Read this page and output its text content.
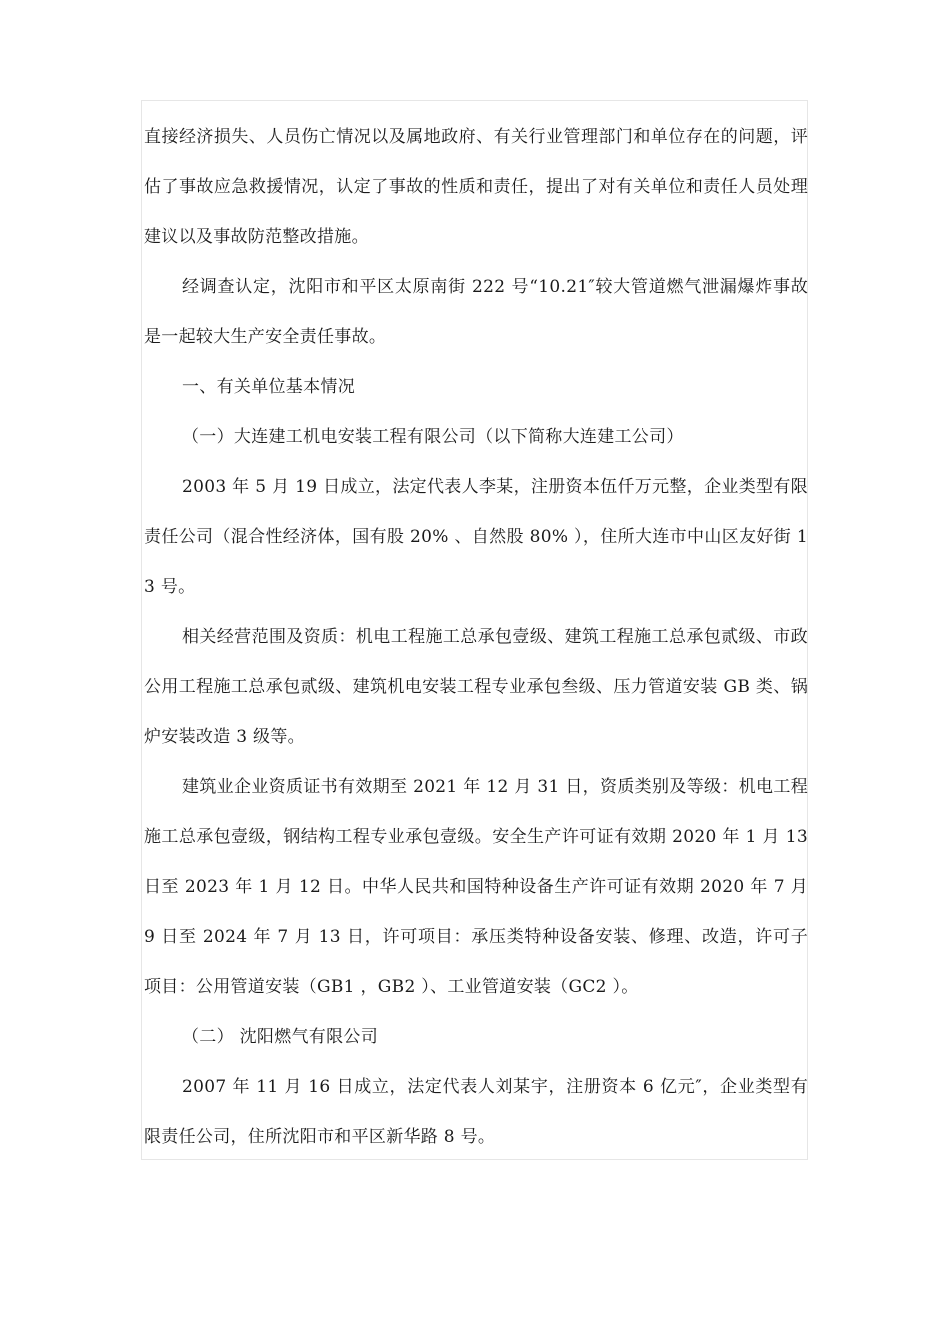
直接经济损失、人员伤亡情况以及属地政府、有关行业管理部门和单位存在的问题，评估了事故应急救援情况，认定了事故的性质和责任，提出了对有关单位和责任人员处理建议以及事故防范整改措施。

经调查认定，沈阳市和平区太原南街 222 号“10.21″较大管道燃气泄漏爆炸事故是一起较大生产安全责任事故。

一、有关单位基本情况

（一）大连建工机电安装工程有限公司（以下简称大连建工公司）

2003 年 5 月 19 日成立，法定代表人李某，注册资本伍仟万元整，企业类型有限责任公司（混合性经济体，国有股 20% 、自然股 80% ），住所大连市中山区友好街 13 号。

相关经营范围及资质：机电工程施工总承包壹级、建筑工程施工总承包贰级、市政公用工程施工总承包贰级、建筑机电安装工程专业承包叁级、压力管道安装 GB 类、锅炉安装改造 3 级等。

建筑业企业资质证书有效期至 2021 年 12 月 31 日，资质类别及等级：机电工程施工总承包壹级，钢结构工程专业承包壹级。安全生产许可证有效期 2020 年 1 月 13 日至 2023 年 1 月 12 日。中华人民共和国特种设备生产许可证有效期 2020 年 7 月 9 日至 2024 年 7 月 13 日，许可项目：承压类特种设备安装、修理、改造，许可子项目：公用管道安装（GB1 ，GB2 ）、工业管道安装（GC2 ）。

（二） 沈阳燃气有限公司

2007 年 11 月 16 日成立，法定代表人刘某宇，注册资本 6 亿元″，企业类型有限责任公司，住所沈阳市和平区新华路 8 号。
